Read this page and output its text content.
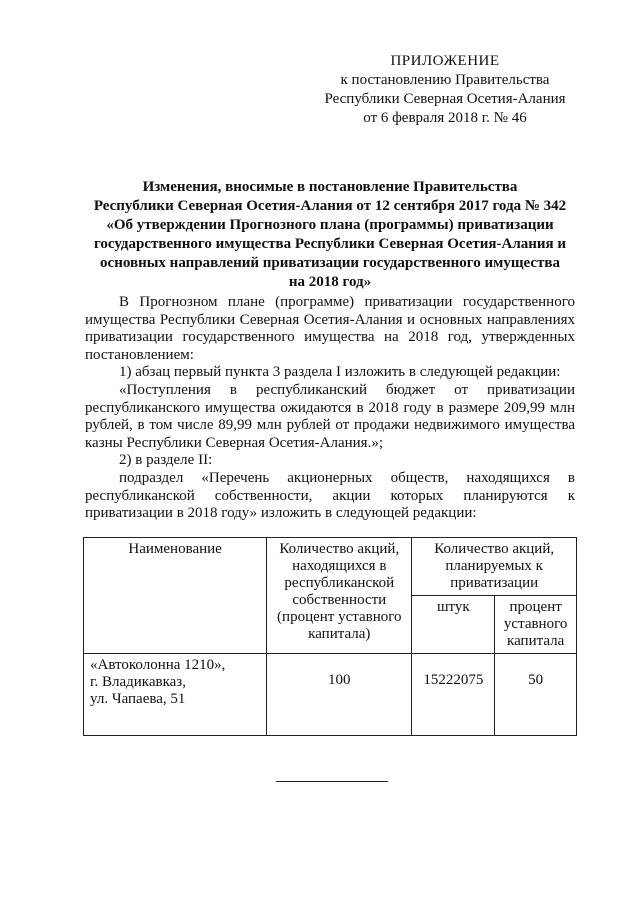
ПРИЛОЖЕНИЕ
к постановлению Правительства
Республики Северная Осетия-Алания
от 6 февраля 2018 г. № 46
Изменения, вносимые в постановление Правительства
Республики Северная Осетия-Алания от 12 сентября 2017 года № 342
«Об утверждении Прогнозного плана (программы) приватизации
государственного имущества Республики Северная Осетия-Алания и
основных направлений приватизации государственного имущества
на 2018 год»

В Прогнозном плане (программе) приватизации государственного имущества Республики Северная Осетия-Алания и основных направлениях приватизации государственного имущества на 2018 год, утвержденных постановлением:

1) абзац первый пункта 3 раздела I изложить в следующей редакции:

«Поступления в республиканский бюджет от приватизации республиканского имущества ожидаются в 2018 году в размере 209,99 млн рублей, в том числе 89,99 млн рублей от продажи недвижимого имущества казны Республики Северная Осетия-Алания.»;

2) в разделе II:

подраздел «Перечень акционерных обществ, находящихся в республиканской собственности, акции которых планируются к приватизации в 2018 году» изложить в следующей редакции:

Наименование	Количество акций, находящихся в республиканской собственности (процент уставного капитала)	Количество акций, планируемых к приватизации	
		штук	процент уставного капитала

«Автоколонна 1210»,
г. Владикавказ,
ул. Чапаева, 51	100	15222075	50
